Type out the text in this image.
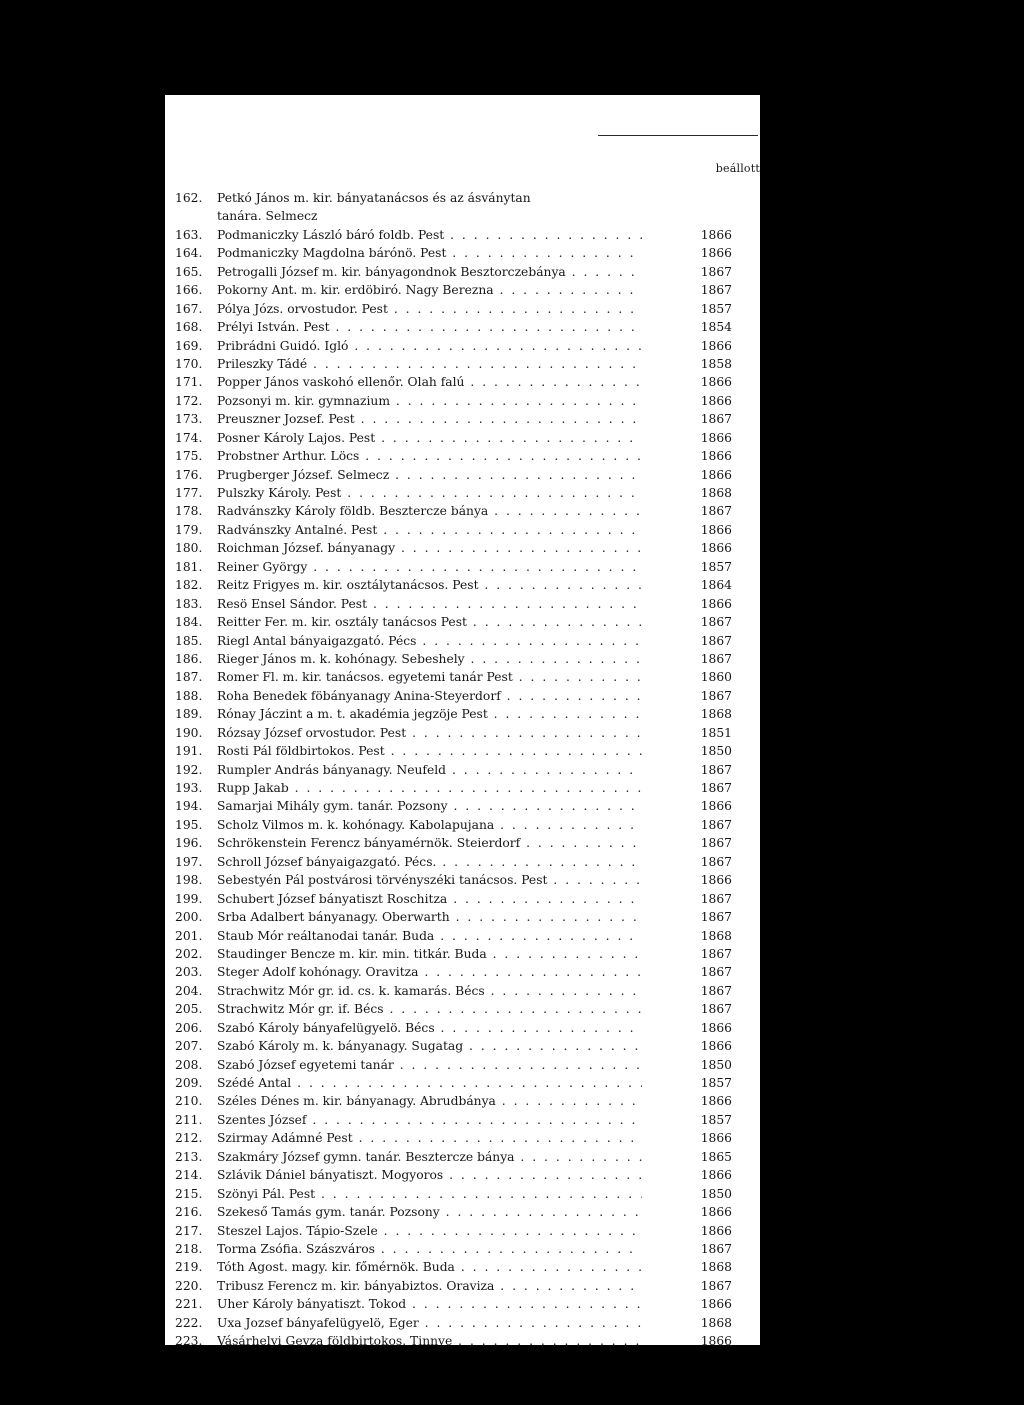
beállott
162. Petkó János m. kir. bányatanácsos és az ásványtan
tanára. Selmecz
163. Podmaniczky László báró foldb. Pest . . .	1866
164. Podmaniczky Magdolna bárónö. Pest . . .	1866
165. Petrogalli József m. kir. bányagondnok Besztorczebánya . . .	1867
166. Pokorny Ant. m. kir. erdöbiró. Nagy Berezna . . .	1867
167. Pólya Józs. orvostudor. Pest . . .	1857
168. Prélyi István. Pest . . .	1854
169. Pribrádni Guidó. Igló . . .	1866
170. Prileszky Tádé . . .	1858
171. Popper János vaskohó ellenőr. Olah falú . . .	1866
172. Pozsonyi m. kir. gymnazium . . .	1866
173. Preuszner Jozsef. Pest . . .	1867
174. Posner Károly Lajos. Pest . . .	1866
175. Probstner Arthur. Löcs . . .	1866
176. Prugberger József. Selmecz . . .	1866
177. Pulszky Károly. Pest . . .	1868
178. Radvánszky Károly földb. Besztercze bánya . . .	1867
179. Radvánszky Antalné. Pest . . .	1866
180. Roichman József. bányanagy . . .	1866
181. Reiner György . . .	1857
182. Reitz Frigyes m. kir. osztálytanácsos. Pest . . .	1864
183. Resö Ensel Sándor. Pest . . .	1866
184. Reitter Fer. m. kir. osztály tanácsos Pest . . .	1867
185. Riegl Antal bányaigazgató. Pécs . . .	1867
186. Rieger János m. k. kohónagy. Sebeshely . . .	1867
187. Romer Fl. m. kir. tanácsos. egyetemi tanár Pest . . .	1860
188. Roha Benedek föbányanagy Anina-Steyerdorf . . .	1867
189. Rónay Jáczint a m. t. akadémia jegzöje Pest . . .	1868
190. Rózsay József orvostudor. Pest . . .	1851
191. Rosti Pál földbirtokos. Pest . . .	1850
192. Rumpler András bányanagy. Neufeld . . .	1867
193. Rupp Jakab . . .	1867
194. Samarjai Mihály gym. tanár. Pozsony . . .	1866
195. Scholz Vilmos m. k. kohónagy. Kabolapujana . . .	1867
196. Schrökenstein Ferencz bányamérnök. Steierdorf . . .	1867
197. Schroll József bányaigazgató. Pécs. . . .	1867
198. Sebestyén Pál postvárosi törvényszéki tanácsos. Pest . . .	1866
199. Schubert József bányatiszt Roschitza . . .	1867
200. Srba Adalbert bányanagy. Oberwarth . . .	1867
201. Staub Mór reáltanodai tanár. Buda . . .	1868
202. Staudinger Bencze m. kir. min. titkár. Buda . . .	1867
203. Steger Adolf kohónagy. Oravitza . . .	1867
204. Strachwitz Mór gr. id. cs. k. kamarás. Bécs . . .	1867
205. Strachwitz Mór gr. if. Bécs . . .	1867
206. Szabó Károly bányafelügyelö. Bécs . . .	1866
207. Szabó Károly m. k. bányanagy. Sugatag . . .	1866
208. Szabó József egyetemi tanár . . .	1850
209. Szédé Antal . . .	1857
210. Széles Dénes m. kir. bányanagy. Abrudbánya . . .	1866
211. Szentes József . . .	1857
212. Szirmay Adámné Pest . . .	1866
213. Szakmáry József gymn. tanár. Besztercze bánya . . .	1865
214. Szlávik Dániel bányatiszt. Mogyoros . . .	1866
215. Szönyi Pál. Pest . . .	1850
216. Szekeső Tamás gym. tanár. Pozsony . . .	1866
217. Steszel Lajos. Tápio-Szele . . .	1866
218. Torma Zsófia. Szászváros . . .	1867
219. Tóth Agost. magy. kir. főmérnök. Buda . . .	1868
220. Tribusz Ferencz m. kir. bányabiztos. Oraviza . . .	1867
221. Uher Károly bányatiszt. Tokod . . .	1866
222. Uxa Jozsef bányafelügyelö, Eger . . .	1868
223. Vásárhelyi Geyza földbirtokos. Tinnye . . .	1866
